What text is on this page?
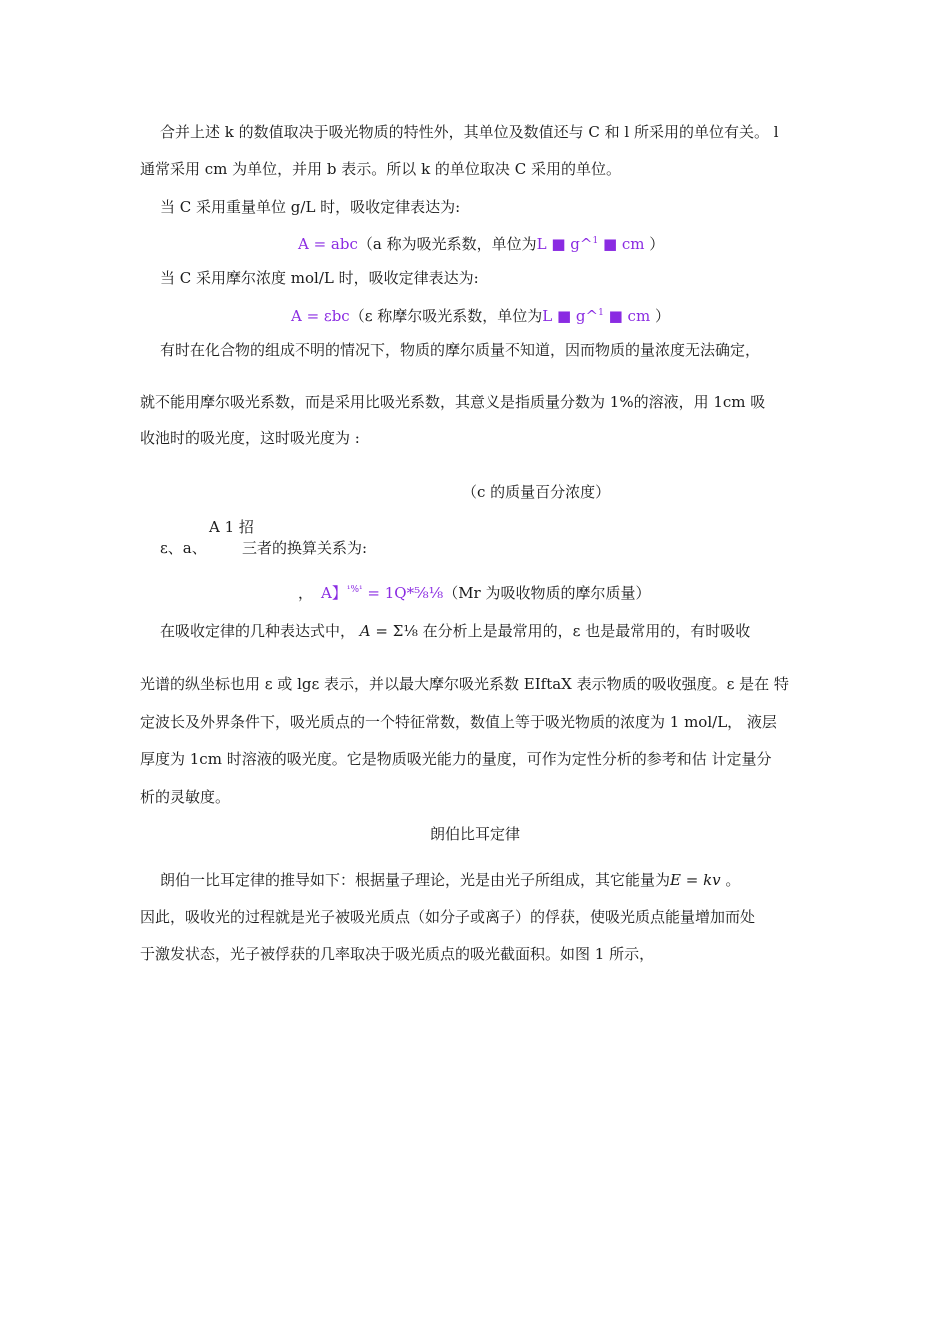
合并上述 k 的数值取决于吸光物质的特性外，其单位及数值还与 C 和 l 所采用的单位有关。 l
通常采用 cm 为单位，并用 b 表示。所以 k 的单位取决 C 采用的单位。
当 C 采用重量单位 g/L 时，吸收定律表达为:
A = abc（a 称为吸光系数，单位为L ■ g^$^1$ ■ cm ）
当 C 采用摩尔浓度 mol/L 时，吸收定律表达为:
A = εbc（ε 称摩尔吸光系数，单位为L ■ g^$^1$ ■ cm ）
有时在化合物的组成不明的情况下，物质的摩尔质量不知道，因而物质的量浓度无法确定，
就不能用摩尔吸光系数，而是采用比吸光系数，其意义是指质量分数为 1%的溶液，用 1cm 吸
收池时的吸光度，这时吸光度为 :
（c 的质量百分浓度）
A 1 招
ε、a、 三者的换算关系为:
， A】$^{^1\%^1}$ = 1Q*⅝⅛（Mr 为吸收物质的摩尔质量）
在吸收定律的几种表达式中， A = Σ⅛ 在分析上是最常用的，ε 也是最常用的，有时吸收
光谱的纵坐标也用 ε 或 lgε 表示，并以最大摩尔吸光系数 EIftaX 表示物质的吸收强度。ε 是在 特
定波长及外界条件下，吸光质点的一个特征常数，数值上等于吸光物质的浓度为 1 mol/L， 液层
厚度为 1cm 时溶液的吸光度。它是物质吸光能力的量度，可作为定性分析的参考和估 计定量分
析的灵敏度。
朗伯比耳定律
朗伯一比耳定律的推导如下：根据量子理论，光是由光子所组成，其它能量为E = kv 。
因此，吸收光的过程就是光子被吸光质点（如分子或离子）的俘获，使吸光质点能量增加而处
于激发状态，光子被俘获的几率取决于吸光质点的吸光截面积。如图 1 所示，
